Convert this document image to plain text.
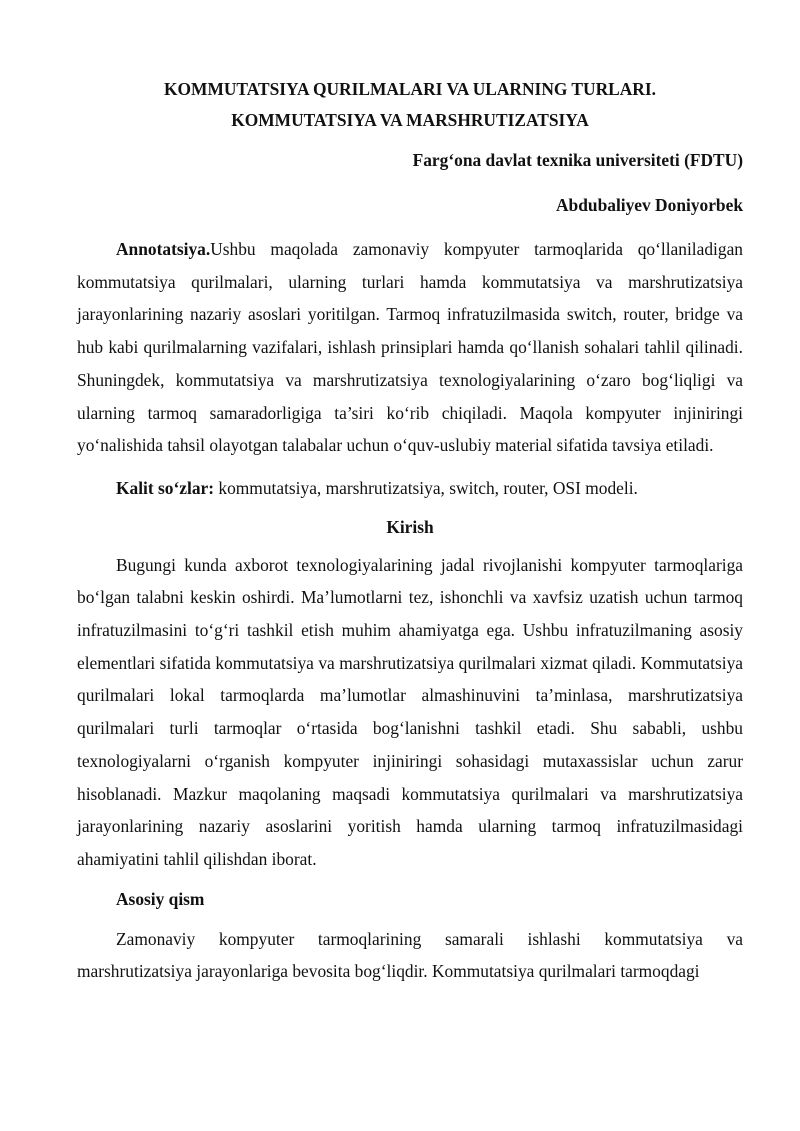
KOMMUTATSIYA QURILMALARI VA ULARNING TURLARI.
KOMMUTATSIYA VA MARSHRUTIZATSIYA
Farg‘ona davlat texnika universiteti (FDTU)
Abdubaliyev Doniyorbek

Annotatsiya.Ushbu maqolada zamonaviy kompyuter tarmoqlarida qo‘llaniladigan kommutatsiya qurilmalari, ularning turlari hamda kommutatsiya va marshrutizatsiya jarayonlarining nazariy asoslari yoritilgan. Tarmoq infratuzilmasida switch, router, bridge va hub kabi qurilmalarning vazifalari, ishlash prinsiplari hamda qo‘llanish sohalari tahlil qilinadi. Shuningdek, kommutatsiya va marshrutizatsiya texnologiyalarining o‘zaro bog‘liqligi va ularning tarmoq samaradorligiga ta’siri ko‘rib chiqiladi. Maqola kompyuter injiniringi yo‘nalishida tahsil olayotgan talabalar uchun o‘quv-uslubiy material sifatida tavsiya etiladi.

Kalit so‘zlar: kommutatsiya, marshrutizatsiya, switch, router, OSI modeli.

Kirish

Bugungi kunda axborot texnologiyalarining jadal rivojlanishi kompyuter tarmoqlariga bo‘lgan talabni keskin oshirdi. Ma’lumotlarni tez, ishonchli va xavfsiz uzatish uchun tarmoq infratuzilmasini to‘g‘ri tashkil etish muhim ahamiyatga ega. Ushbu infratuzilmaning asosiy elementlari sifatida kommutatsiya va marshrutizatsiya qurilmalari xizmat qiladi. Kommutatsiya qurilmalari lokal tarmoqlarda ma’lumotlar almashinuvini ta’minlasa, marshrutizatsiya qurilmalari turli tarmoqlar o‘rtasida bog‘lanishni tashkil etadi. Shu sababli, ushbu texnologiyalarni o‘rganish kompyuter injiniringi sohasidagi mutaxassislar uchun zarur hisoblanadi. Mazkur maqolaning maqsadi kommutatsiya qurilmalari va marshrutizatsiya jarayonlarining nazariy asoslarini yoritish hamda ularning tarmoq infratuzilmasidagi ahamiyatini tahlil qilishdan iborat.

Asosiy qism

Zamonaviy kompyuter tarmoqlarining samarali ishlashi kommutatsiya va marshrutizatsiya jarayonlariga bevosita bog‘liqdir. Kommutatsiya qurilmalari tarmoqdagi
